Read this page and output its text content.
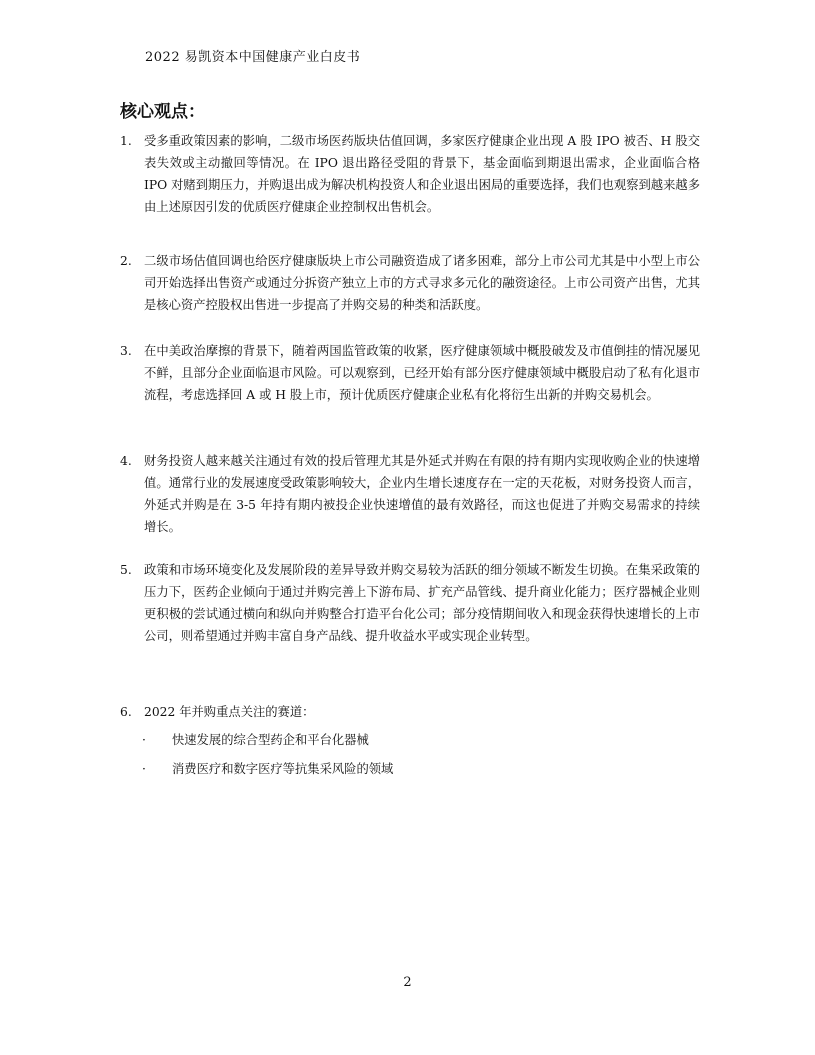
2022 易凯资本中国健康产业白皮书
核心观点：
1. 受多重政策因素的影响，二级市场医药版块估值回调，多家医疗健康企业出现 A 股 IPO 被否、H 股交表失效或主动撤回等情况。在 IPO 退出路径受阻的背景下，基金面临到期退出需求，企业面临合格 IPO 对赌到期压力，并购退出成为解决机构投资人和企业退出困局的重要选择，我们也观察到越来越多由上述原因引发的优质医疗健康企业控制权出售机会。
2. 二级市场估值回调也给医疗健康版块上市公司融资造成了诸多困难，部分上市公司尤其是中小型上市公司开始选择出售资产或通过分拆资产独立上市的方式寻求多元化的融资途径。上市公司资产出售，尤其是核心资产控股权出售进一步提高了并购交易的种类和活跃度。
3. 在中美政治摩擦的背景下，随着两国监管政策的收紧，医疗健康领域中概股破发及市值倒挂的情况屡见不鲜，且部分企业面临退市风险。可以观察到，已经开始有部分医疗健康领域中概股启动了私有化退市流程，考虑选择回 A 或 H 股上市，预计优质医疗健康企业私有化将衍生出新的并购交易机会。
4. 财务投资人越来越关注通过有效的投后管理尤其是外延式并购在有限的持有期内实现收购企业的快速增值。通常行业的发展速度受政策影响较大，企业内生增长速度存在一定的天花板，对财务投资人而言，外延式并购是在 3-5 年持有期内被投企业快速增值的最有效路径，而这也促进了并购交易需求的持续增长。
5. 政策和市场环境变化及发展阶段的差异导致并购交易较为活跃的细分领域不断发生切换。在集采政策的压力下，医药企业倾向于通过并购完善上下游布局、扩充产品管线、提升商业化能力；医疗器械企业则更积极的尝试通过横向和纵向并购整合打造平台化公司；部分疫情期间收入和现金获得快速增长的上市公司，则希望通过并购丰富自身产品线、提升收益水平或实现企业转型。
6. 2022 年并购重点关注的赛道：
· 快速发展的综合型药企和平台化器械
· 消费医疗和数字医疗等抗集采风险的领域
2
